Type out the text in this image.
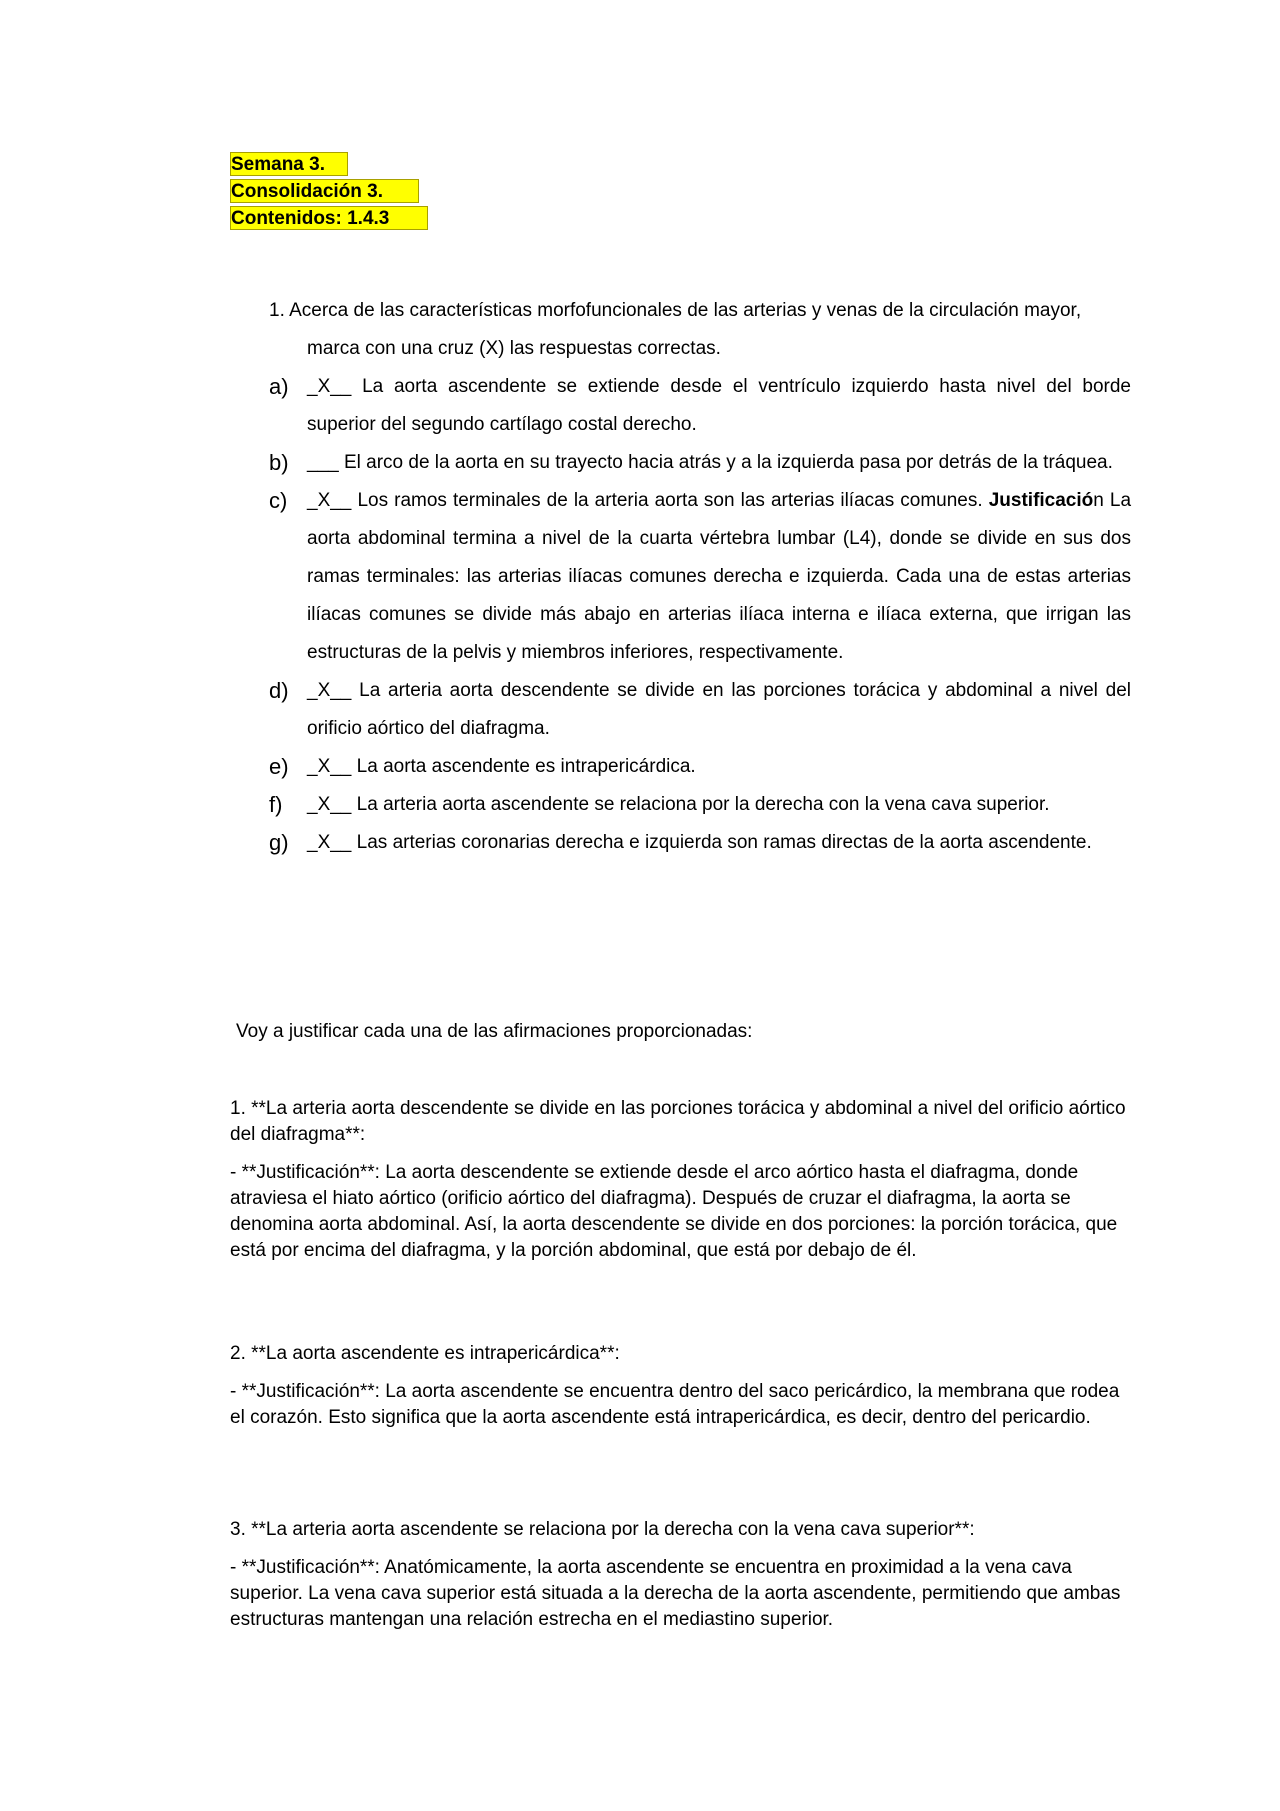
Semana 3.
Consolidación 3.
Contenidos: 1.4.3

1. Acerca de las características morfofuncionales de las arterias y venas de la circulación mayor, marca con una cruz (X) las respuestas correctas.

a) _X__ La aorta ascendente se extiende desde el ventrículo izquierdo hasta nivel del borde superior del segundo cartílago costal derecho.
b) ___ El arco de la aorta en su trayecto hacia atrás y a la izquierda pasa por detrás de la tráquea.
c)	_X__ Los ramos terminales de la arteria aorta son las arterias ilíacas comunes. Justificación La aorta abdominal termina a nivel de la cuarta vértebra lumbar (L4), donde se divide en sus dos ramas terminales: las arterias ilíacas comunes derecha e izquierda. Cada una de estas arterias ilíacas comunes se divide más abajo en arterias ilíaca interna e ilíaca externa, que irrigan las estructuras de la pelvis y miembros inferiores, respectivamente.
d) _X__ La arteria aorta descendente se divide en las porciones torácica y abdominal a nivel del orificio aórtico del diafragma.
e) _X__ La aorta ascendente es intrapericárdica.
f)	_X__ La arteria aorta ascendente se relaciona por la derecha con la vena cava superior.
g) _X__ Las arterias coronarias derecha e izquierda son ramas directas de la aorta ascendente.
Voy a justificar cada una de las afirmaciones proporcionadas:

1. **La arteria aorta descendente se divide en las porciones torácica y abdominal a nivel del orificio aórtico del diafragma**:

- **Justificación**: La aorta descendente se extiende desde el arco aórtico hasta el diafragma, donde atraviesa el hiato aórtico (orificio aórtico del diafragma). Después de cruzar el diafragma, la aorta se denomina aorta abdominal. Así, la aorta descendente se divide en dos porciones: la porción torácica, que está por encima del diafragma, y la porción abdominal, que está por debajo de él.

2. **La aorta ascendente es intrapericárdica**:

- **Justificación**: La aorta ascendente se encuentra dentro del saco pericárdico, la membrana que rodea el corazón. Esto significa que la aorta ascendente está intrapericárdica, es decir, dentro del pericardio.

3. **La arteria aorta ascendente se relaciona por la derecha con la vena cava superior**:

- **Justificación**: Anatómicamente, la aorta ascendente se encuentra en proximidad a la vena cava superior. La vena cava superior está situada a la derecha de la aorta ascendente, permitiendo que ambas estructuras mantengan una relación estrecha en el mediastino superior.
